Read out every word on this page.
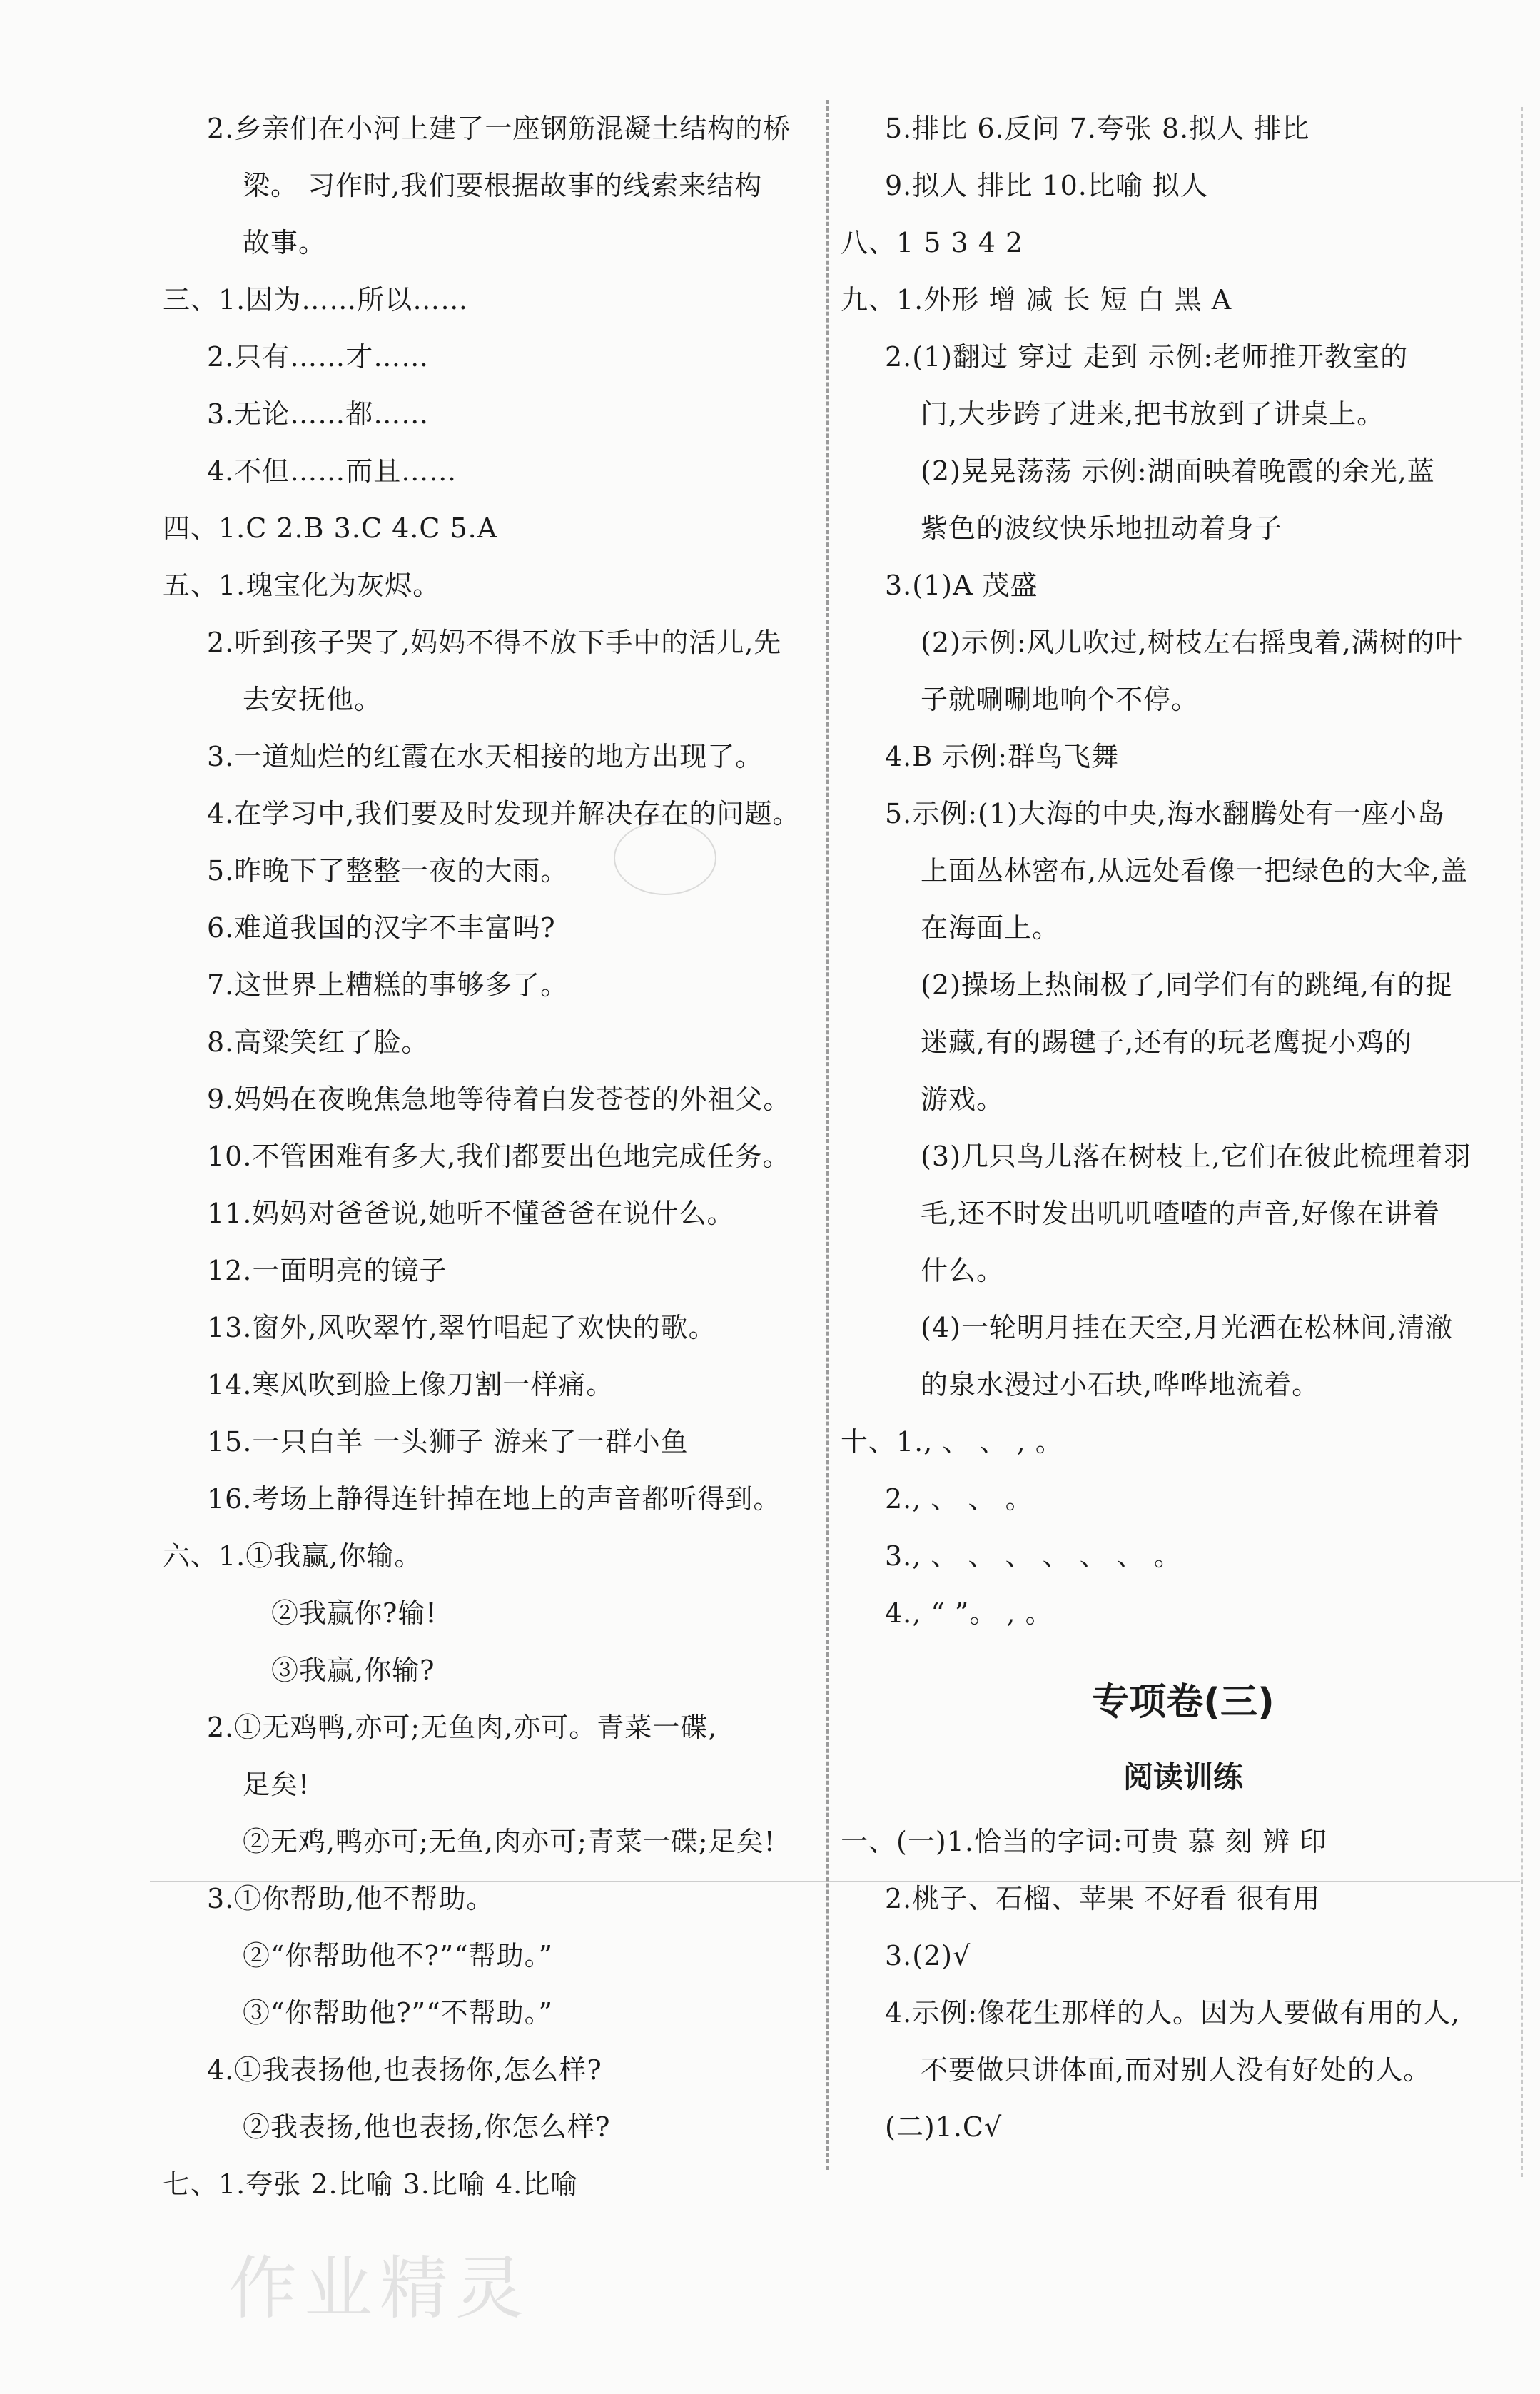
2.乡亲们在小河上建了一座钢筋混凝土结构的桥
梁。 习作时,我们要根据故事的线索来结构
故事。
三、1.因为……所以……
2.只有……才……
3.无论……都……
4.不但……而且……
四、1.C 2.B 3.C 4.C 5.A
五、1.瑰宝化为灰烬。
2.听到孩子哭了,妈妈不得不放下手中的活儿,先
去安抚他。
3.一道灿烂的红霞在水天相接的地方出现了。
4.在学习中,我们要及时发现并解决存在的问题。
5.昨晚下了整整一夜的大雨。
6.难道我国的汉字不丰富吗?
7.这世界上糟糕的事够多了。
8.高粱笑红了脸。
9.妈妈在夜晚焦急地等待着白发苍苍的外祖父。
10.不管困难有多大,我们都要出色地完成任务。
11.妈妈对爸爸说,她听不懂爸爸在说什么。
12.一面明亮的镜子
13.窗外,风吹翠竹,翠竹唱起了欢快的歌。
14.寒风吹到脸上像刀割一样痛。
15.一只白羊 一头狮子 游来了一群小鱼
16.考场上静得连针掉在地上的声音都听得到。
六、1.①我赢,你输。
②我赢你?输!
③我赢,你输?
2.①无鸡鸭,亦可;无鱼肉,亦可。青菜一碟,
足矣!
②无鸡,鸭亦可;无鱼,肉亦可;青菜一碟;足矣!
3.①你帮助,他不帮助。
②“你帮助他不?”“帮助。”
③“你帮助他?”“不帮助。”
4.①我表扬他,也表扬你,怎么样?
②我表扬,他也表扬,你怎么样?
七、1.夸张 2.比喻 3.比喻 4.比喻
5.排比 6.反问 7.夸张 8.拟人 排比
9.拟人 排比 10.比喻 拟人
八、1 5 3 4 2
九、1.外形 增 减 长 短 白 黑 A
2.(1)翻过 穿过 走到 示例:老师推开教室的
门,大步跨了进来,把书放到了讲桌上。
(2)晃晃荡荡 示例:湖面映着晚霞的余光,蓝
紫色的波纹快乐地扭动着身子
3.(1)A 茂盛
(2)示例:风儿吹过,树枝左右摇曳着,满树的叶
子就唰唰地响个不停。
4.B 示例:群鸟飞舞
5.示例:(1)大海的中央,海水翻腾处有一座小岛
上面丛林密布,从远处看像一把绿色的大伞,盖
在海面上。
(2)操场上热闹极了,同学们有的跳绳,有的捉
迷藏,有的踢毽子,还有的玩老鹰捉小鸡的
游戏。
(3)几只鸟儿落在树枝上,它们在彼此梳理着羽
毛,还不时发出叽叽喳喳的声音,好像在讲着
什么。
(4)一轮明月挂在天空,月光洒在松林间,清澈
的泉水漫过小石块,哗哗地流着。
十、1., 、 、 , 。
2., 、 、 。
3., 、 、 、 、 、 、 。
4., “ ”。 , 。
专项卷(三)
阅读训练
一、(一)1.恰当的字词:可贵 慕 刻 辨 印
2.桃子、石榴、苹果 不好看 很有用
3.(2)√
4.示例:像花生那样的人。因为人要做有用的人,
不要做只讲体面,而对别人没有好处的人。
(二)1.C√
作业精灵
